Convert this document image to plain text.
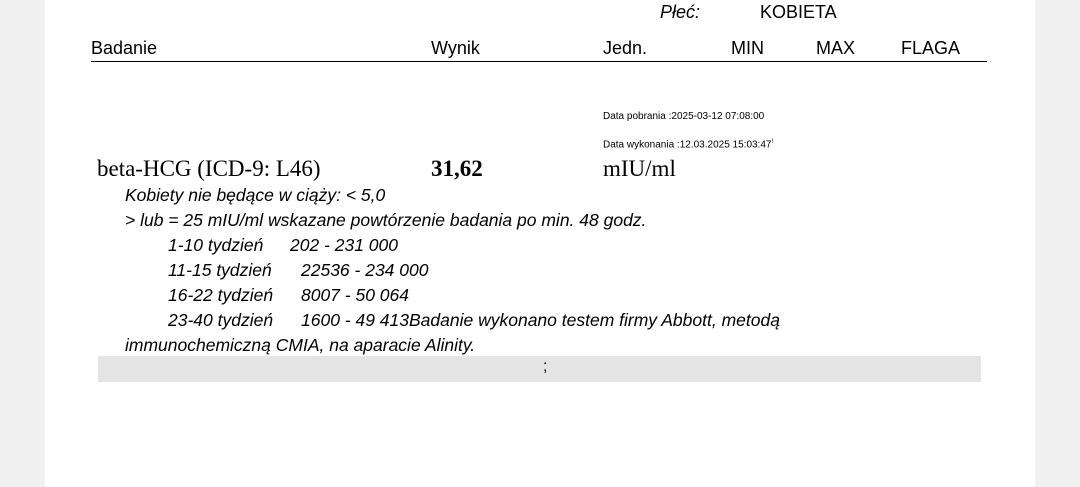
Płeć:	KOBIETA
Badanie	Wynik	Jedn.	MIN	MAX	FLAGA
Data pobrania :2025-03-12 07:08:00
Data wykonania :12.03.2025 15:03:47!
beta-HCG (ICD-9: L46)	31,62	mIU/ml
Kobiety nie będące w ciąży: < 5,0
> lub = 25 mIU/ml wskazane powtórzenie badania po min. 48 godz.
1-10 tydzień 202 - 231 000
11-15 tydzień 22536 - 234 000
16-22 tydzień 8007 - 50 064
23-40 tydzień 1600 - 49 413Badanie wykonano testem firmy Abbott, metodą
immunochemiczną CMIA, na aparacie Alinity.
;
